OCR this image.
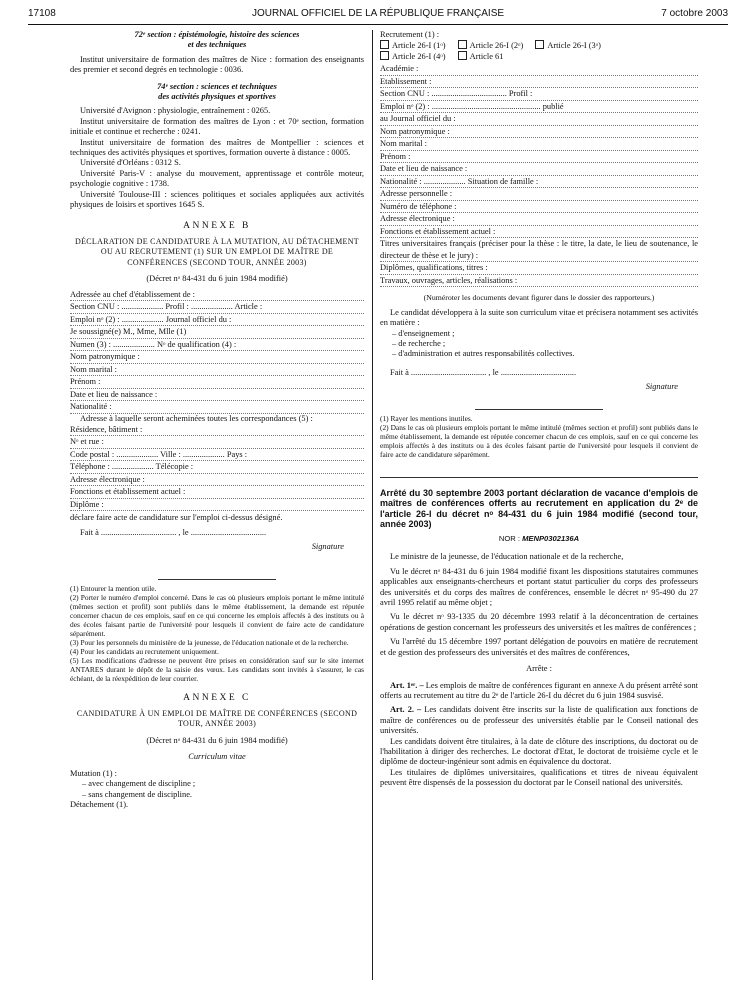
17108	JOURNAL OFFICIEL DE LA RÉPUBLIQUE FRANÇAISE	7 octobre 2003

72ᵉ section : épistémologie, histoire des sciences

et des techniques

Institut universitaire de formation des maîtres de Nice : formation des enseignants des premier et second degrés en technologie : 0036.

74ᵉ section : sciences et techniques

des activités physiques et sportives

Université d'Avignon : physiologie, entraînement : 0265.

Institut universitaire de formation des maîtres de Lyon : et 70ᵉ section, formation initiale et continue et recherche : 0241.

Institut universitaire de formation des maîtres de Montpellier : sciences et techniques des activités physiques et sportives, formation ouverte à distance : 0005.

Université d'Orléans : 0312 S.

Université Paris-V : analyse du mouvement, apprentissage et contrôle moteur, psychologie cognitive : 1738.

Université Toulouse-III : sciences politiques et sociales appliquées aux activités physiques de loisirs et sportives 1645 S.

ANNEXE B

DÉCLARATION DE CANDIDATURE À LA MUTATION, AU DÉTACHEMENT OU AU RECRUTEMENT (1) SUR UN EMPLOI DE MAÎTRE DE CONFÉRENCES (SECOND TOUR, ANNÉE 2003)

(Décret nᵒ 84-431 du 6 juin 1984 modifié)

Adressée au chef d'établissement de :

Section CNU : .................... Profil : .................... Article :

Emploi nᵒ (2) : .................... Journal officiel du :

Je soussigné(e) M., Mme, Mlle (1)

Numen (3) : .................... Nᵒ de qualification (4) :

Nom patronymique :

Nom marital :

Prénom :

Date et lieu de naissance :

Nationalité :

Adresse à laquelle seront acheminées toutes les correspondances (5) :

Résidence, bâtiment :

Nᵒ et rue :

Code postal : .................... Ville : .................... Pays :

Téléphone : .................... Télécopie :

Adresse électronique :

Fonctions et établissement actuel :

Diplôme :

déclare faire acte de candidature sur l'emploi ci-dessus désigné.

Fait à .................................... , le ....................................

Signature

(1) Entourer la mention utile.

(2) Porter le numéro d'emploi concerné. Dans le cas où plusieurs emplois portant le même intitulé (mêmes section et profil) sont publiés dans le même établissement, la demande est réputée concerner chacun de ces emplois, sauf en ce qui concerne les emplois affectés à des instituts ou à des écoles faisant partie de l'université pour lesquels il convient de faire acte de candidature séparément.

(3) Pour les personnels du ministère de la jeunesse, de l'éducation nationale et de la recherche.

(4) Pour les candidats au recrutement uniquement.

(5) Les modifications d'adresse ne peuvent être prises en considération sauf sur le site internet ANTARES durant le dépôt de la saisie des vœux. Les candidats sont invités à s'assurer, le cas échéant, de la réexpédition de leur courrier.

ANNEXE C

CANDIDATURE À UN EMPLOI DE MAÎTRE DE CONFÉRENCES (SECOND TOUR, ANNÉE 2003)

(Décret nᵒ 84-431 du 6 juin 1984 modifié)

Curriculum vitae

Mutation (1) :

– avec changement de discipline ;
– sans changement de discipline.

Détachement (1).

Recrutement (1) :

Article 26-I (1ᵒ)	Article 26-I (2ᵒ)	Article 26-I (3ᵒ)
Article 26-I (4ᵒ)	Article 61

Académie :

Etablissement :

Section CNU : .................................... Profil :

Emploi nᵒ (2) : .................................................... publié

au Journal officiel du :

Nom patronymique :

Nom marital :

Prénom :

Date et lieu de naissance :

Nationalité : .................... Situation de famille :

Adresse personnelle :

Numéro de téléphone :

Adresse électronique :

Fonctions et établissement actuel :

Titres universitaires français (préciser pour la thèse : le titre, la date, le lieu de soutenance, le directeur de thèse et le jury) :

Diplômes, qualifications, titres :

Travaux, ouvrages, articles, réalisations :

(Numéroter les documents devant figurer dans le dossier des rapporteurs.)

Le candidat développera à la suite son curriculum vitae et précisera notamment ses activités en matière :

– d'enseignement ;
– de recherche ;
– d'administration et autres responsabilités collectives.

Fait à .................................... , le ....................................

Signature

(1) Rayer les mentions inutiles.

(2) Dans le cas où plusieurs emplois portant le même intitulé (mêmes section et profil) sont publiés dans le même établissement, la demande est réputée concerner chacun de ces emplois, sauf en ce qui concerne les emplois affectés à des instituts ou à des écoles faisant partie de l'université pour lesquels il convient de faire acte de candidature séparément.

Arrêté du 30 septembre 2003 portant déclaration de vacance d'emplois de maîtres de conférences offerts au recrutement en application du 2ᵉ de l'article 26-I du décret nᵒ 84-431 du 6 juin 1984 modifié (second tour, année 2003)

NOR : MENP0302136A

Le ministre de la jeunesse, de l'éducation nationale et de la recherche,

Vu le décret nᵒ 84-431 du 6 juin 1984 modifié fixant les dispositions statutaires communes applicables aux enseignants-chercheurs et portant statut particulier du corps des professeurs des universités et du corps des maîtres de conférences, ensemble le décret nᵒ 95-490 du 27 avril 1995 relatif au même objet ;

Vu le décret nᵒ 93-1335 du 20 décembre 1993 relatif à la déconcentration de certaines opérations de gestion concernant les professeurs des universités et les maîtres de conférences ;

Vu l'arrêté du 15 décembre 1997 portant délégation de pouvoirs en matière de recrutement et de gestion des professeurs des universités et des maîtres de conférences,

Arrête :

Art. 1ᵉʳ. – Les emplois de maître de conférences figurant en annexe A du présent arrêté sont offerts au recrutement au titre du 2ᵉ de l'article 26-I du décret du 6 juin 1984 susvisé.

Art. 2. – Les candidats doivent être inscrits sur la liste de qualification aux fonctions de maître de conférences ou de professeur des universités établie par le Conseil national des universités.

Les candidats doivent être titulaires, à la date de clôture des inscriptions, du doctorat ou de l'habilitation à diriger des recherches. Le doctorat d'Etat, le doctorat de troisième cycle et le diplôme de docteur-ingénieur sont admis en équivalence du doctorat.

Les titulaires de diplômes universitaires, qualifications et titres de niveau équivalent peuvent être dispensés de la possession du doctorat par le Conseil national des universités.
